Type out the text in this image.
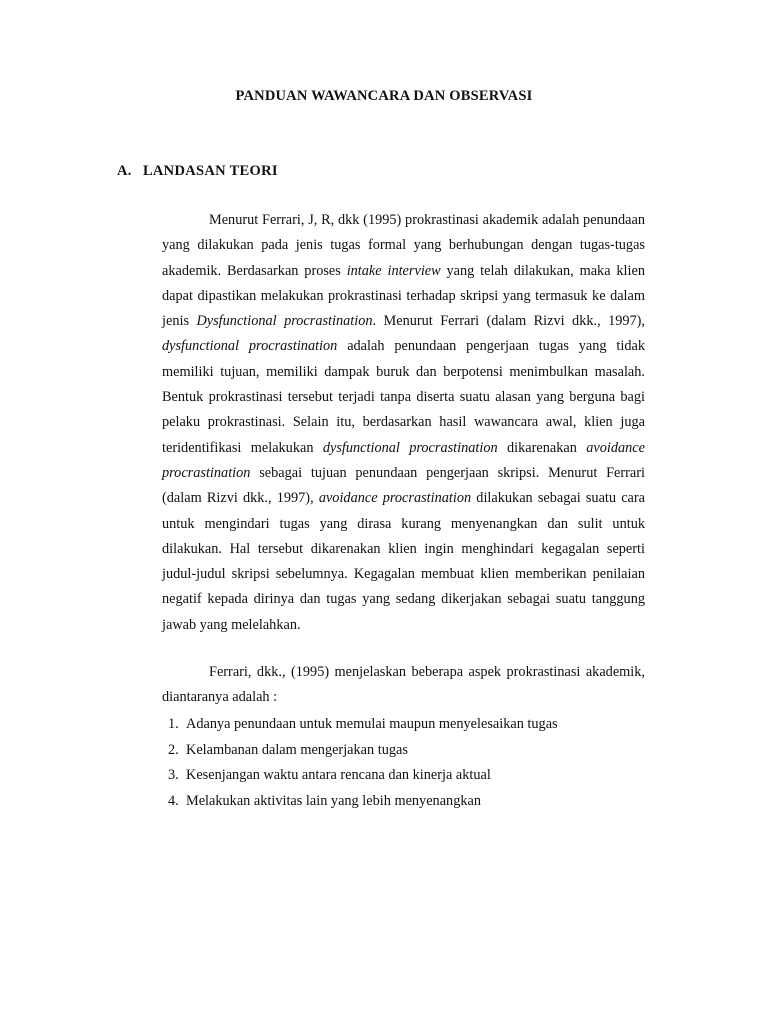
PANDUAN WAWANCARA DAN OBSERVASI
A. LANDASAN TEORI

Menurut Ferrari, J, R, dkk (1995) prokrastinasi akademik adalah penundaan yang dilakukan pada jenis tugas formal yang berhubungan dengan tugas-tugas akademik. Berdasarkan proses intake interview yang telah dilakukan, maka klien dapat dipastikan melakukan prokrastinasi terhadap skripsi yang termasuk ke dalam jenis Dysfunctional procrastination. Menurut Ferrari (dalam Rizvi dkk., 1997), dysfunctional procrastination adalah penundaan pengerjaan tugas yang tidak memiliki tujuan, memiliki dampak buruk dan berpotensi menimbulkan masalah. Bentuk prokrastinasi tersebut terjadi tanpa diserta suatu alasan yang berguna bagi pelaku prokrastinasi. Selain itu, berdasarkan hasil wawancara awal, klien juga teridentifikasi melakukan dysfunctional procrastination dikarenakan avoidance procrastination sebagai tujuan penundaan pengerjaan skripsi. Menurut Ferrari (dalam Rizvi dkk., 1997), avoidance procrastination dilakukan sebagai suatu cara untuk mengindari tugas yang dirasa kurang menyenangkan dan sulit untuk dilakukan. Hal tersebut dikarenakan klien ingin menghindari kegagalan seperti judul-judul skripsi sebelumnya. Kegagalan membuat klien memberikan penilaian negatif kepada dirinya dan tugas yang sedang dikerjakan sebagai suatu tanggung jawab yang melelahkan.

Ferrari, dkk., (1995) menjelaskan beberapa aspek prokrastinasi akademik, diantaranya adalah :

1. Adanya penundaan untuk memulai maupun menyelesaikan tugas
2. Kelambanan dalam mengerjakan tugas
3. Kesenjangan waktu antara rencana dan kinerja aktual
4. Melakukan aktivitas lain yang lebih menyenangkan
